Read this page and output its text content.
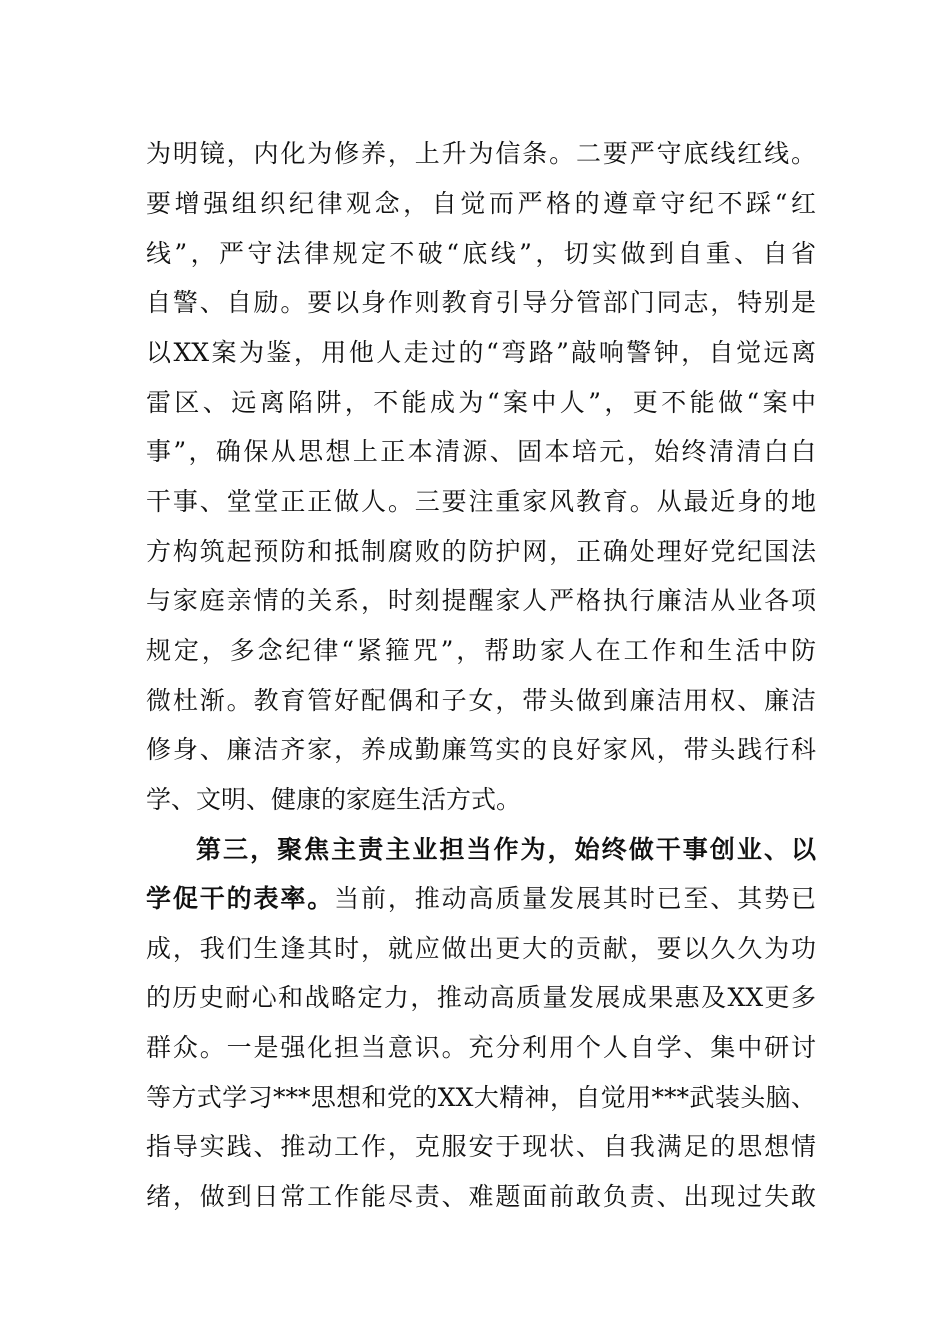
为明镜，内化为修养，上升为信条。二要严守底线红线。
要增强组织纪律观念，自觉而严格的遵章守纪不踩“红
线”，严守法律规定不破“底线”，切实做到自重、自省
自警、自励。要以身作则教育引导分管部门同志，特别是
以XX案为鉴，用他人走过的“弯路”敲响警钟，自觉远离
雷区、远离陷阱，不能成为“案中人”，更不能做“案中
事”，确保从思想上正本清源、固本培元，始终清清白白
干事、堂堂正正做人。三要注重家风教育。从最近身的地
方构筑起预防和抵制腐败的防护网，正确处理好党纪国法
与家庭亲情的关系，时刻提醒家人严格执行廉洁从业各项
规定，多念纪律“紧箍咒”，帮助家人在工作和生活中防
微杜渐。教育管好配偶和子女，带头做到廉洁用权、廉洁
修身、廉洁齐家，养成勤廉笃实的良好家风，带头践行科
学、文明、健康的家庭生活方式。
第三，聚焦主责主业担当作为，始终做干事创业、以
学促干的表率。当前，推动高质量发展其时已至、其势已
成，我们生逢其时，就应做出更大的贡献，要以久久为功
的历史耐心和战略定力，推动高质量发展成果惠及XX更多
群众。一是强化担当意识。充分利用个人自学、集中研讨
等方式学习***思想和党的XX大精神，自觉用***武装头脑、
指导实践、推动工作，克服安于现状、自我满足的思想情
绪，做到日常工作能尽责、难题面前敢负责、出现过失敢
